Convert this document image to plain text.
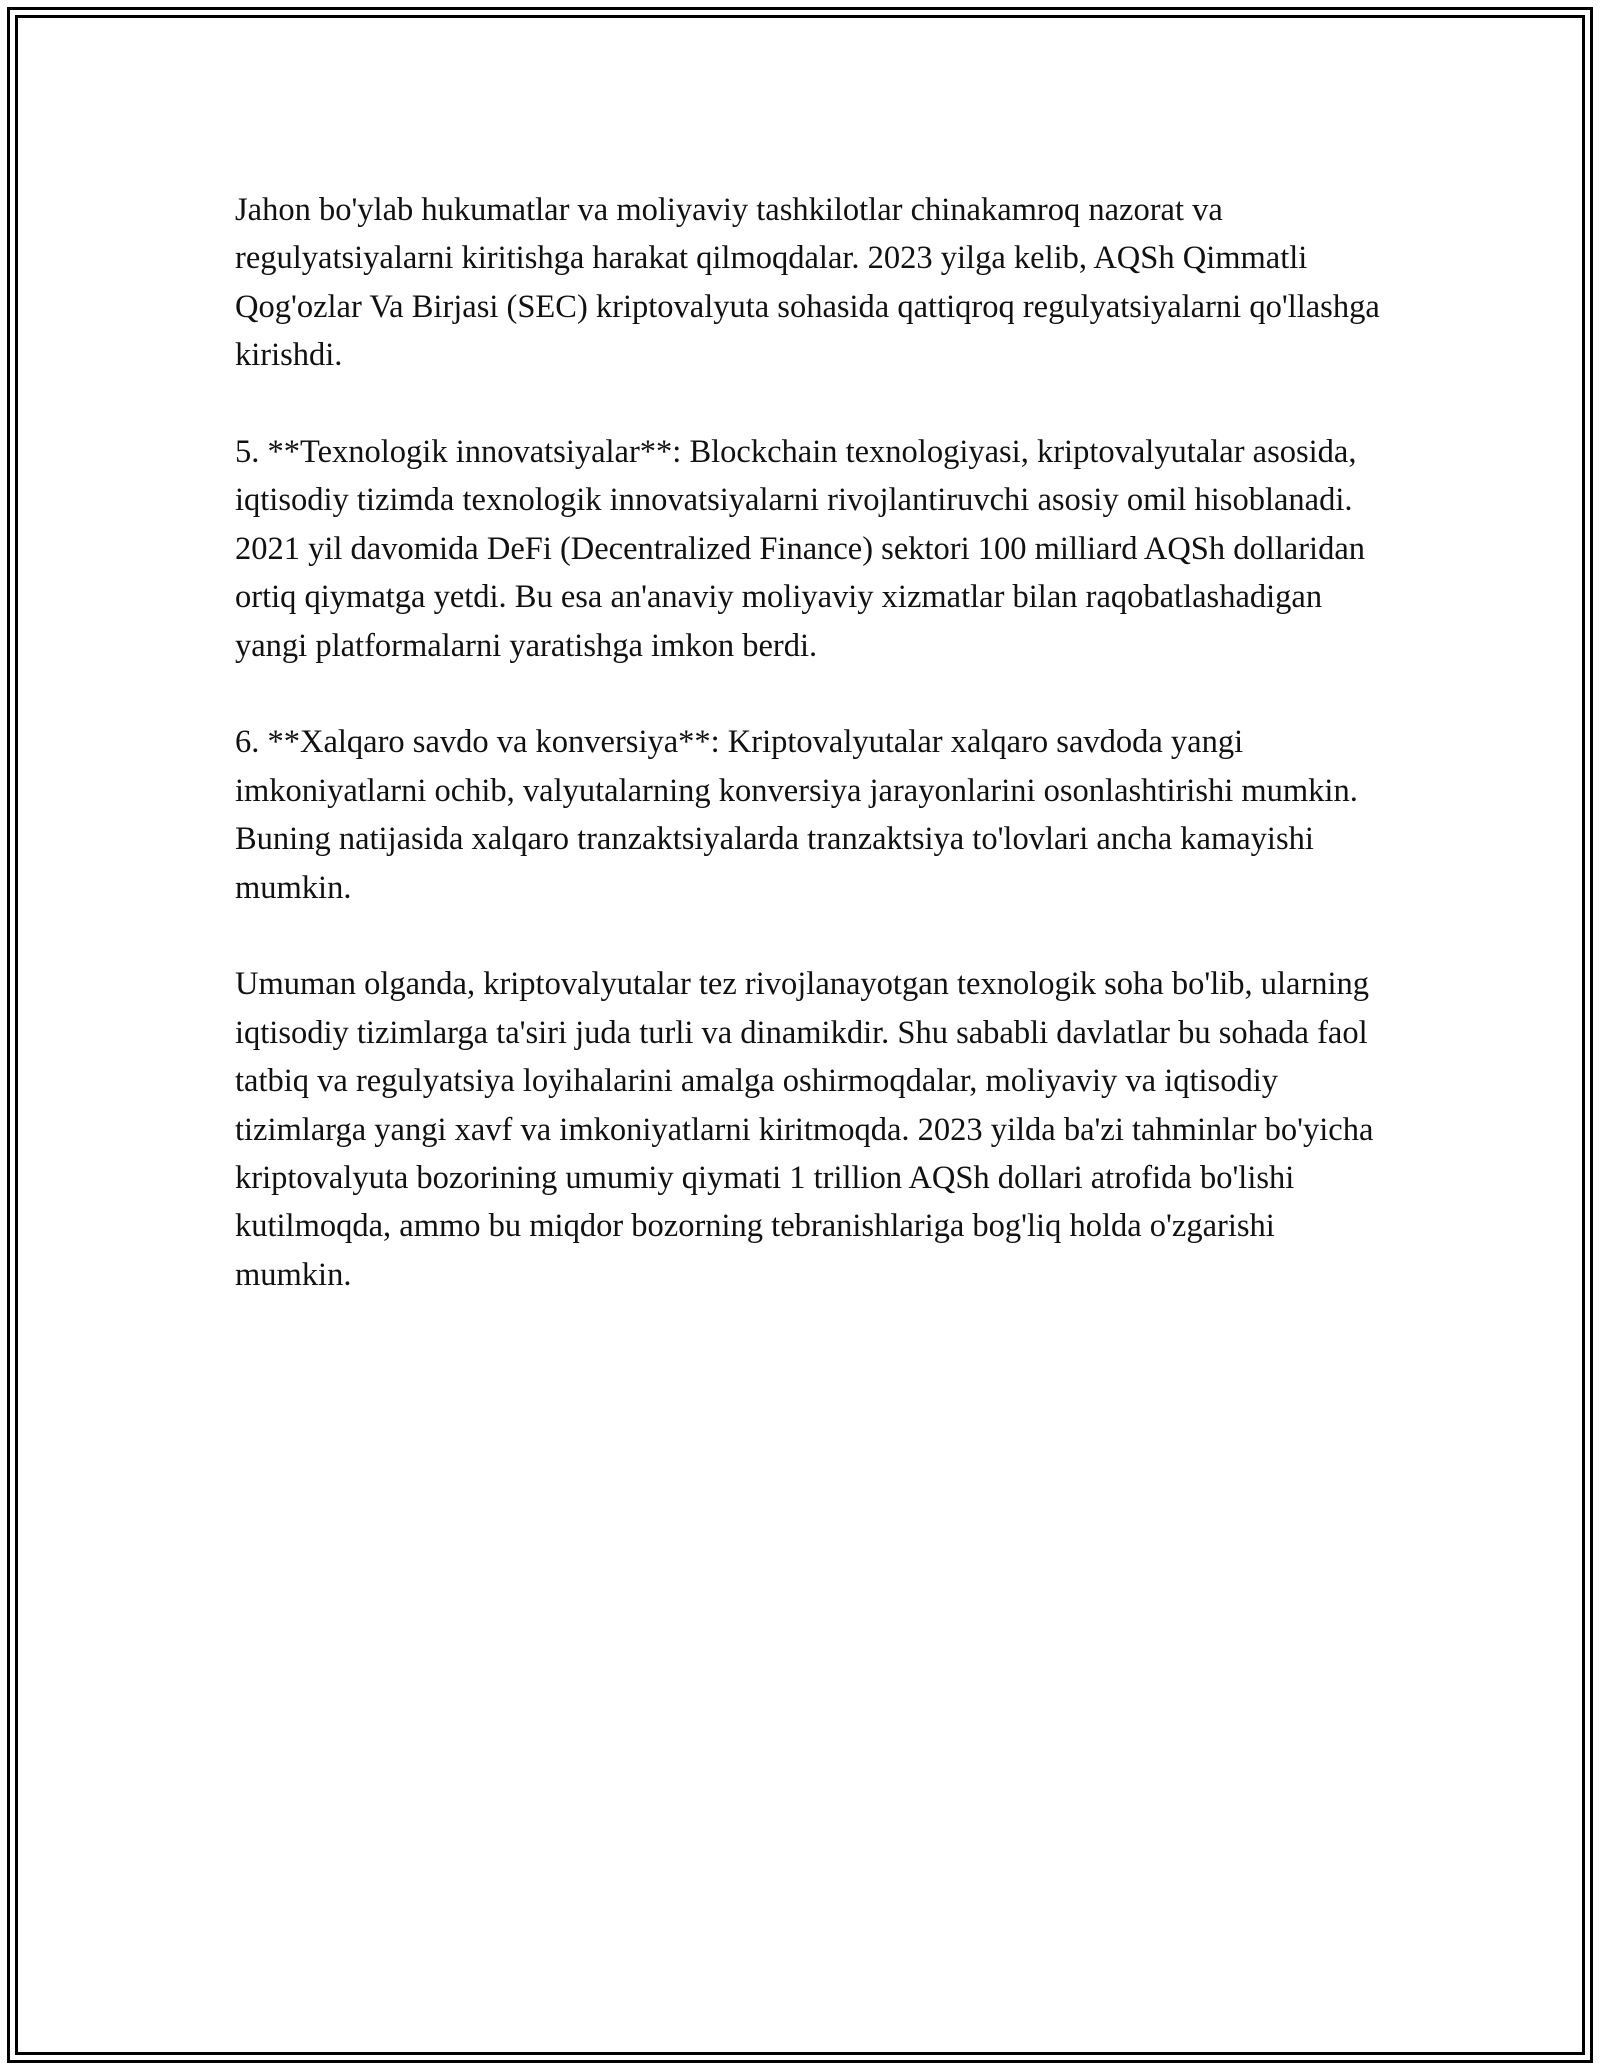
Jahon bo'ylab hukumatlar va moliyaviy tashkilotlar chinakamroq nazorat va regulyatsiyalarni kiritishga harakat qilmoqdalar. 2023 yilga kelib, AQSh Qimmatli Qog'ozlar Va Birjasi (SEC) kriptovalyuta sohasida qattiqroq regulyatsiyalarni qo'llashga kirishdi.

5. **Texnologik innovatsiyalar**: Blockchain texnologiyasi, kriptovalyutalar asosida, iqtisodiy tizimda texnologik innovatsiyalarni rivojlantiruvchi asosiy omil hisoblanadi. 2021 yil davomida DeFi (Decentralized Finance) sektori 100 milliard AQSh dollaridan ortiq qiymatga yetdi. Bu esa an'anaviy moliyaviy xizmatlar bilan raqobatlashadigan yangi platformalarni yaratishga imkon berdi.

6. **Xalqaro savdo va konversiya**: Kriptovalyutalar xalqaro savdoda yangi imkoniyatlarni ochib, valyutalarning konversiya jarayonlarini osonlashtirishi mumkin. Buning natijasida xalqaro tranzaktsiyalarda tranzaktsiya to'lovlari ancha kamayishi mumkin.

Umuman olganda, kriptovalyutalar tez rivojlanayotgan texnologik soha bo'lib, ularning iqtisodiy tizimlarga ta'siri juda turli va dinamikdir. Shu sababli davlatlar bu sohada faol tatbiq va regulyatsiya loyihalarini amalga oshirmoqdalar, moliyaviy va iqtisodiy tizimlarga yangi xavf va imkoniyatlarni kiritmoqda. 2023 yilda ba'zi tahminlar bo'yicha kriptovalyuta bozorining umumiy qiymati 1 trillion AQSh dollari atrofida bo'lishi kutilmoqda, ammo bu miqdor bozorning tebranishlariga bog'liq holda o'zgarishi mumkin.
